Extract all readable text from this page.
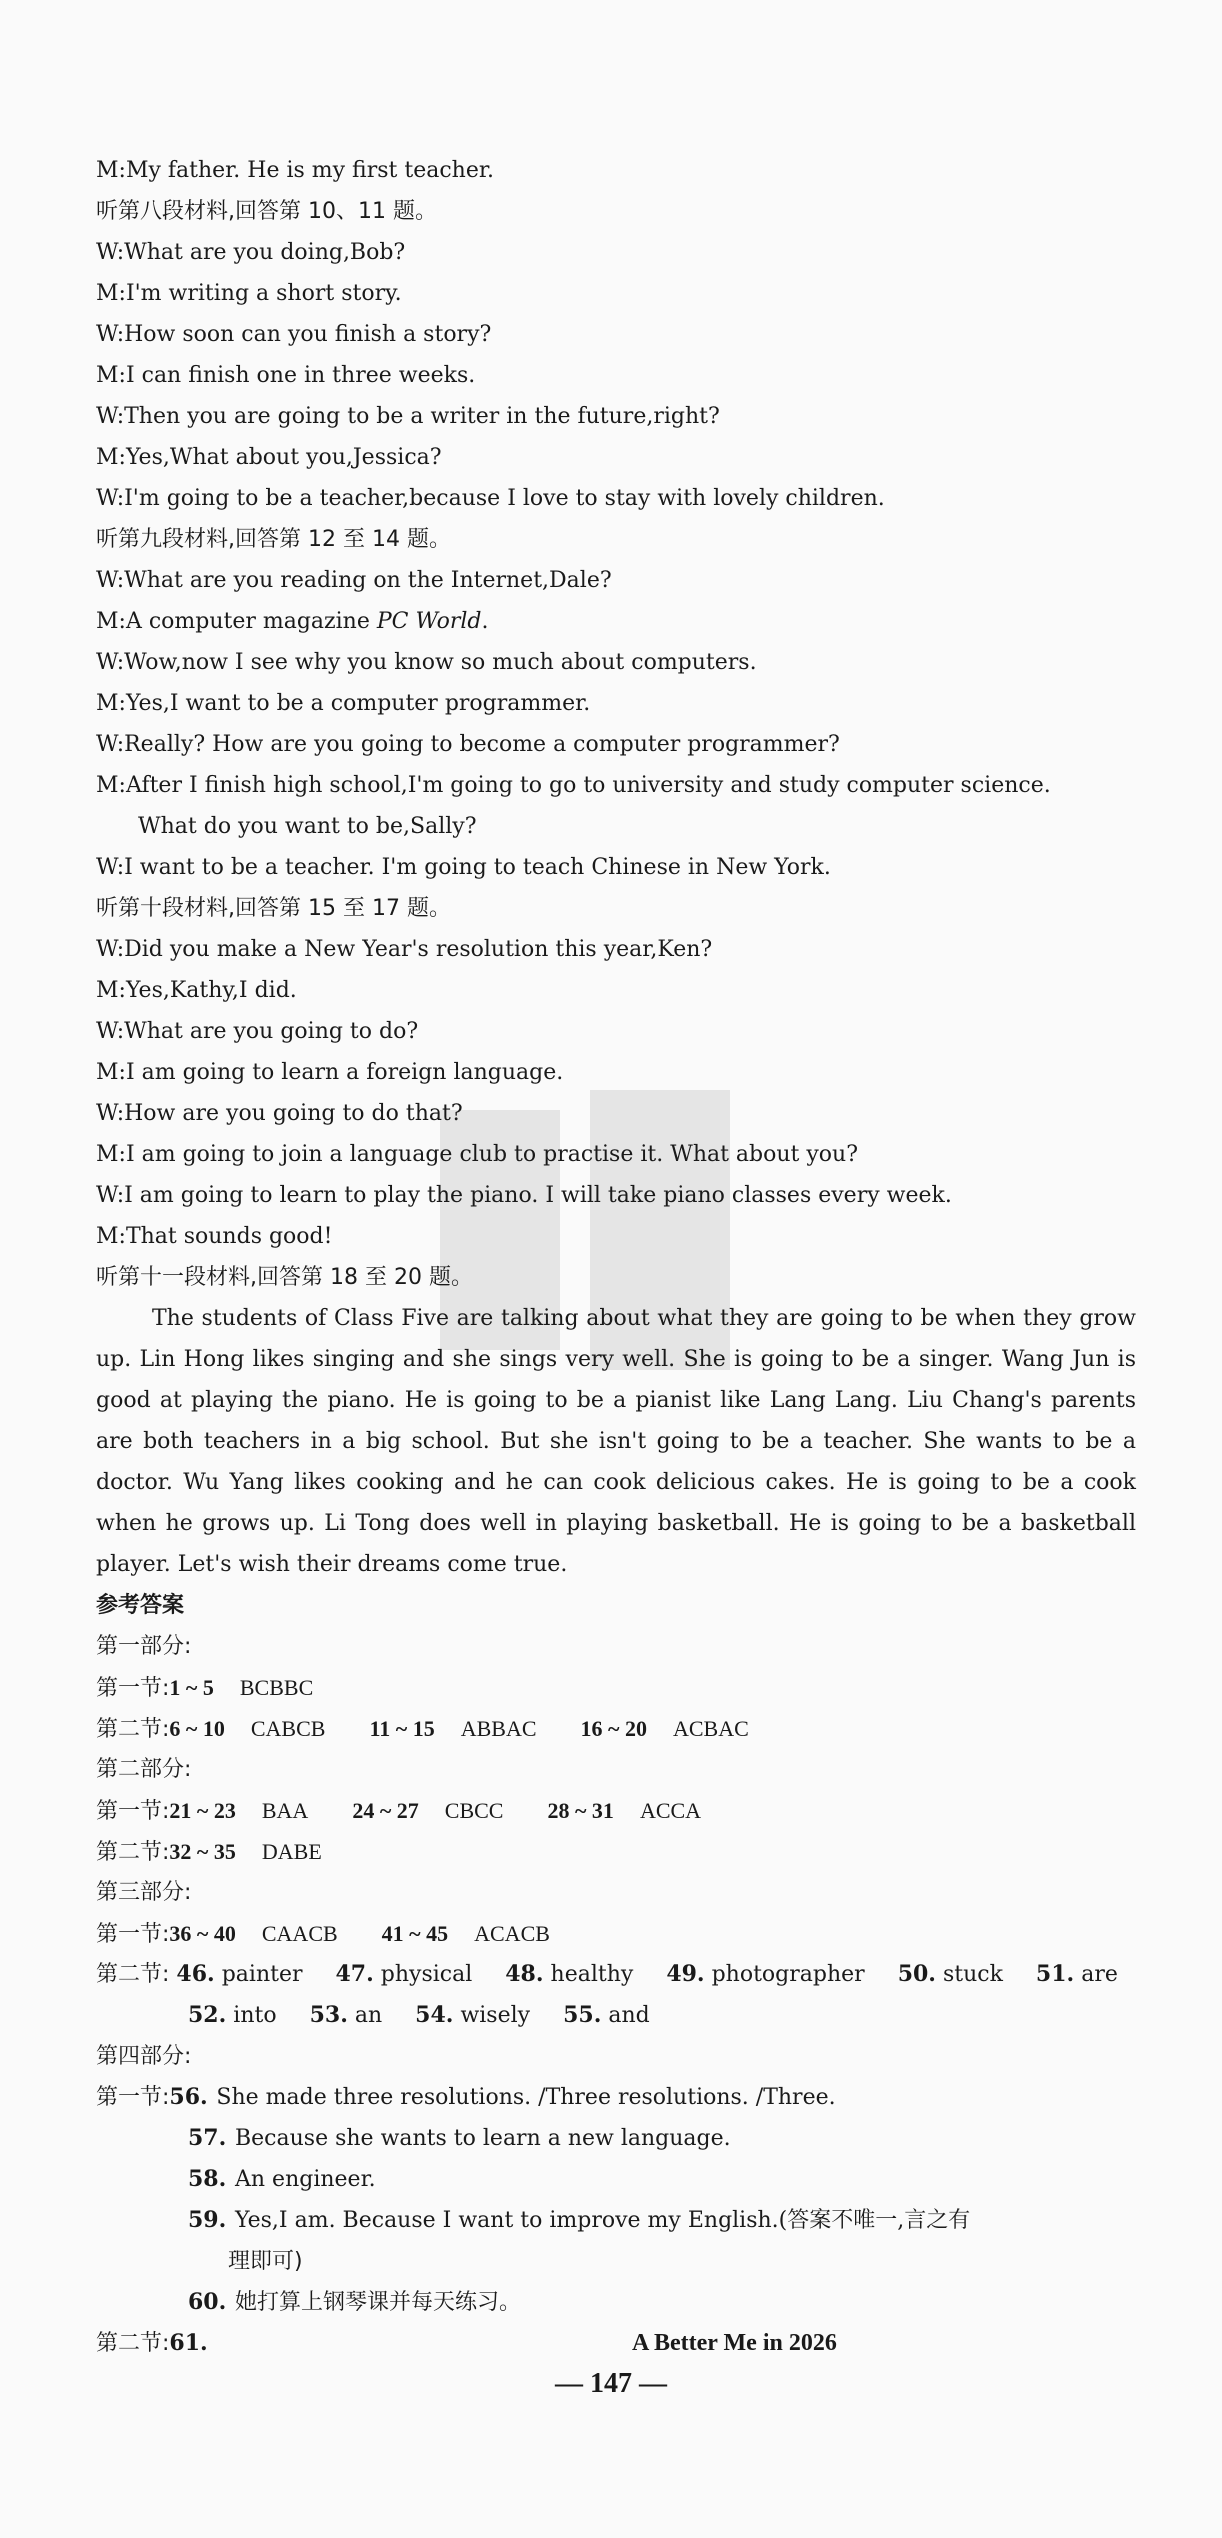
M:My father. He is my first teacher.
听第八段材料,回答第 10、11 题。
W:What are you doing,Bob?
M:I'm writing a short story.
W:How soon can you finish a story?
M:I can finish one in three weeks.
W:Then you are going to be a writer in the future,right?
M:Yes,What about you,Jessica?
W:I'm going to be a teacher,because I love to stay with lovely children.
听第九段材料,回答第 12 至 14 题。
W:What are you reading on the Internet,Dale?
M:A computer magazine PC World.
W:Wow,now I see why you know so much about computers.
M:Yes,I want to be a computer programmer.
W:Really? How are you going to become a computer programmer?
M:After I finish high school,I'm going to go to university and study computer science.
What do you want to be,Sally?
W:I want to be a teacher. I'm going to teach Chinese in New York.
听第十段材料,回答第 15 至 17 题。
W:Did you make a New Year's resolution this year,Ken?
M:Yes,Kathy,I did.
W:What are you going to do?
M:I am going to learn a foreign language.
W:How are you going to do that?
M:I am going to join a language club to practise it. What about you?
W:I am going to learn to play the piano. I will take piano classes every week.
M:That sounds good!
听第十一段材料,回答第 18 至 20 题。
The students of Class Five are talking about what they are going to be when they grow up. Lin Hong likes singing and she sings very well. She is going to be a singer. Wang Jun is good at playing the piano. He is going to be a pianist like Lang Lang. Liu Chang's parents are both teachers in a big school. But she isn't going to be a teacher. She wants to be a doctor. Wu Yang likes cooking and he can cook delicious cakes. He is going to be a cook when he grows up. Li Tong does well in playing basketball. He is going to be a basketball player. Let's wish their dreams come true.
参考答案
第一部分:
第一节:1 ~ 5 BCBBC
第二节:6 ~ 10 CABCB 11 ~ 15 ABBAC 16 ~ 20 ACBAC
第二部分:
第一节:21 ~ 23 BAA 24 ~ 27 CBCC 28 ~ 31 ACCA
第二节:32 ~ 35 DABE
第三部分:
第一节:36 ~ 40 CAACB 41 ~ 45 ACACB
第二节: 46. painter 47. physical 48. healthy 49. photographer 50. stuck 51. are
52. into 53. an 54. wisely 55. and
第四部分:
第一节:56. She made three resolutions. /Three resolutions. /Three.
57. Because she wants to learn a new language.
58. An engineer.
59. Yes,I am. Because I want to improve my English.(答案不唯一,言之有
理即可)
60. 她打算上钢琴课并每天练习。
第二节:61.	A Better Me in 2026
— 147 —
